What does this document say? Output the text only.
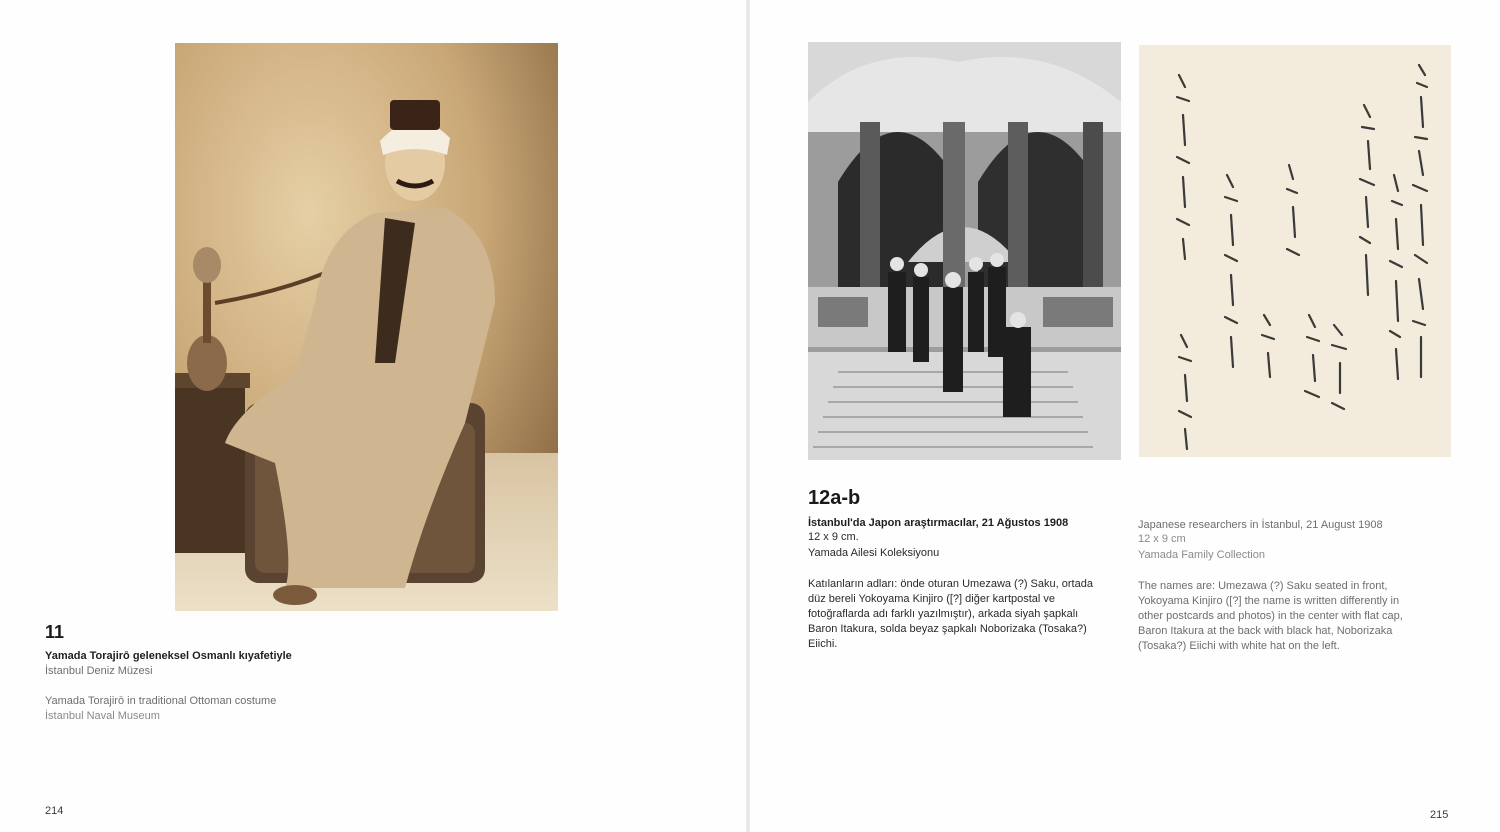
11
Yamada Torajirō geleneksel Osmanlı kıyafetiyle
İstanbul Deniz Müzesi
Yamada Torajirō in traditional Ottoman costume
İstanbul Naval Museum
214
12a-b
İstanbul'da Japon araştırmacılar, 21 Ağustos 1908
12 x 9 cm.
Yamada Ailesi Koleksiyonu
Katılanların adları: önde oturan Umezawa (?) Saku, ortada
düz bereli Yokoyama Kinjiro ([?] diğer kartpostal ve
fotoğraflarda adı farklı yazılmıştır), arkada siyah şapkalı
Baron Itakura, solda beyaz şapkalı Noborizaka (Tosaka?)
Eiichi.
Japanese researchers in İstanbul, 21 August 1908
12 x 9 cm
Yamada Family Collection
The names are: Umezawa (?) Saku seated in front,
Yokoyama Kinjiro ([?] the name is written differently in
other postcards and photos) in the center with flat cap,
Baron Itakura at the back with black hat, Noborizaka
(Tosaka?) Eiichi with white hat on the left.
215
